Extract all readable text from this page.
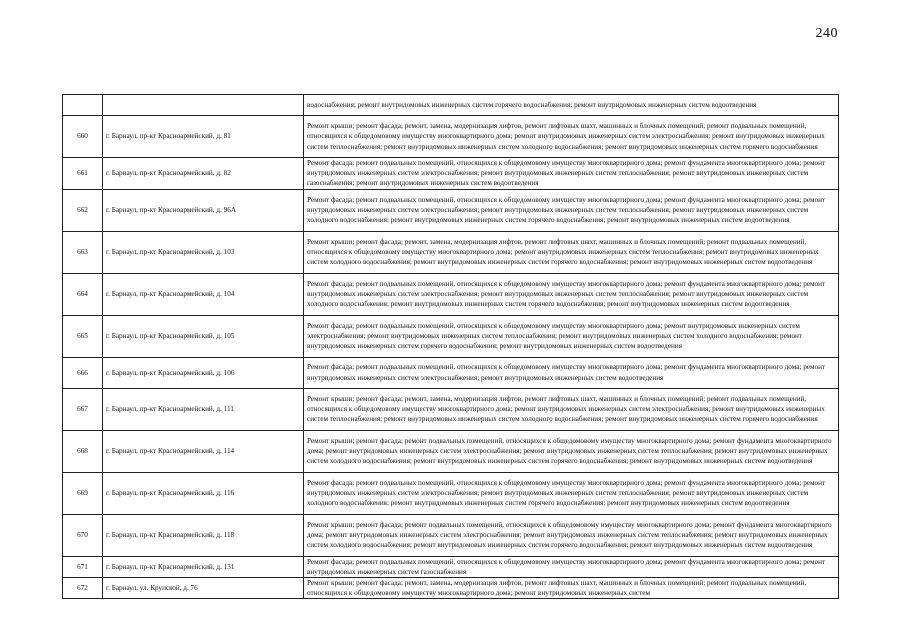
240
		водоснабжения; ремонт внутридомовых инженерных систем горячего водоснабжения; ремонт внутридомовых инженерных систем водоотведения
660	г. Барнаул, пр-кт Красноармейский, д. 81	Ремонт крыши; ремонт фасада; ремонт, замена, модернизация лифтов, ремонт лифтовых шахт, машинных и блочных помещений; ремонт подвальных помещений, относящихся к общедомовому имуществу многоквартирного дома; ремонт внутридомовых инженерных систем электроснабжения; ремонт внутридомовых инженерных систем теплоснабжения; ремонт внутридомовых инженерных систем холодного водоснабжения; ремонт внутридомовых инженерных систем горячего водоснабжения
661	г. Барнаул, пр-кт Красноармейский, д. 82	Ремонт фасада; ремонт подвальных помещений, относящихся к общедомовому имуществу многоквартирного дома; ремонт фундамента многоквартирного дома; ремонт внутридомовых инженерных систем электроснабжения; ремонт внутридомовых инженерных систем теплоснабжения; ремонт внутридомовых инженерных систем газоснабжения; ремонт внутридомовых инженерных систем водоотведения
662	г. Барнаул, пр-кт Красноармейский, д. 96А	Ремонт фасада; ремонт подвальных помещений, относящихся к общедомовому имуществу многоквартирного дома; ремонт фундамента многоквартирного дома; ремонт внутридомовых инженерных систем электроснабжения; ремонт внутридомовых инженерных систем теплоснабжения; ремонт внутридомовых инженерных систем холодного водоснабжения; ремонт внутридомовых инженерных систем горячего водоснабжения; ремонт внутридомовых инженерных систем водоотведения
663	г. Барнаул, пр-кт Красноармейский, д. 103	Ремонт крыши; ремонт фасада; ремонт, замена, модернизация лифтов, ремонт лифтовых шахт, машинных и блочных помещений; ремонт подвальных помещений, относящихся к общедомовому имуществу многоквартирного дома; ремонт внутридомовых инженерных систем теплоснабжения; ремонт внутридомовых инженерных систем холодного водоснабжения; ремонт внутридомовых инженерных систем горячего водоснабжения; ремонт внутридомовых инженерных систем водоотведения
664	г. Барнаул, пр-кт Красноармейский, д. 104	Ремонт фасада; ремонт подвальных помещений, относящихся к общедомовому имуществу многоквартирного дома; ремонт фундамента многоквартирного дома; ремонт внутридомовых инженерных систем электроснабжения; ремонт внутридомовых инженерных систем теплоснабжения; ремонт внутридомовых инженерных систем холодного водоснабжения; ремонт внутридомовых инженерных систем горячего водоснабжения; ремонт внутридомовых инженерных систем водоотведения
665	г. Барнаул, пр-кт Красноармейский, д. 105	Ремонт фасада; ремонт подвальных помещений, относящихся к общедомовому имуществу многоквартирного дома; ремонт внутридомовых инженерных систем электроснабжения; ремонт внутридомовых инженерных систем теплоснабжения; ремонт внутридомовых инженерных систем холодного водоснабжения; ремонт внутридомовых инженерных систем горячего водоснабжения; ремонт внутридомовых инженерных систем водоотведения
666	г. Барнаул, пр-кт Красноармейский, д. 106	Ремонт фасада; ремонт подвальных помещений, относящихся к общедомовому имуществу многоквартирного дома; ремонт фундамента многоквартирного дома; ремонт внутридомовых инженерных систем электроснабжения; ремонт внутридомовых инженерных систем водоотведения
667	г. Барнаул, пр-кт Красноармейский, д. 111	Ремонт крыши; ремонт фасада; ремонт, замена, модернизация лифтов, ремонт лифтовых шахт, машинных и блочных помещений; ремонт подвальных помещений, относящихся к общедомовому имуществу многоквартирного дома; ремонт внутридомовых инженерных систем электроснабжения; ремонт внутридомовых инженерных систем теплоснабжения; ремонт внутридомовых инженерных систем холодного водоснабжения; ремонт внутридомовых инженерных систем горячего водоснабжения
668	г. Барнаул, пр-кт Красноармейский, д. 114	Ремонт крыши; ремонт фасада; ремонт подвальных помещений, относящихся к общедомовому имуществу многоквартирного дома; ремонт фундамента многоквартирного дома; ремонт внутридомовых инженерных систем электроснабжения; ремонт внутридомовых инженерных систем теплоснабжения; ремонт внутридомовых инженерных систем холодного водоснабжения; ремонт внутридомовых инженерных систем горячего водоснабжения; ремонт внутридомовых инженерных систем водоотведения
669	г. Барнаул, пр-кт Красноармейский, д. 116	Ремонт фасада; ремонт подвальных помещений, относящихся к общедомовому имуществу многоквартирного дома; ремонт фундамента многоквартирного дома; ремонт внутридомовых инженерных систем электроснабжения; ремонт внутридомовых инженерных систем теплоснабжения; ремонт внутридомовых инженерных систем холодного водоснабжения; ремонт внутридомовых инженерных систем горячего водоснабжения; ремонт внутридомовых инженерных систем водоотведения
670	г. Барнаул, пр-кт Красноармейский, д. 118	Ремонт крыши; ремонт фасада; ремонт подвальных помещений, относящихся к общедомовому имуществу многоквартирного дома; ремонт фундамента многоквартирного дома; ремонт внутридомовых инженерных систем электроснабжения; ремонт внутридомовых инженерных систем теплоснабжения; ремонт внутридомовых инженерных систем холодного водоснабжения; ремонт внутридомовых инженерных систем горячего водоснабжения; ремонт внутридомовых инженерных систем водоотведения
671	г. Барнаул, пр-кт Красноармейский, д. 131	Ремонт фасада; ремонт подвальных помещений, относящихся к общедомовому имуществу многоквартирного дома; ремонт фундамента многоквартирного дома; ремонт внутридомовых инженерных систем газоснабжения
672	г. Барнаул, ул. Крупской, д. 76	Ремонт крыши; ремонт фасада; ремонт, замена, модернизация лифтов, ремонт лифтовых шахт, машинных и блочных помещений; ремонт подвальных помещений, относящихся к общедомовому имуществу многоквартирного дома; ремонт внутридомовых инженерных систем
